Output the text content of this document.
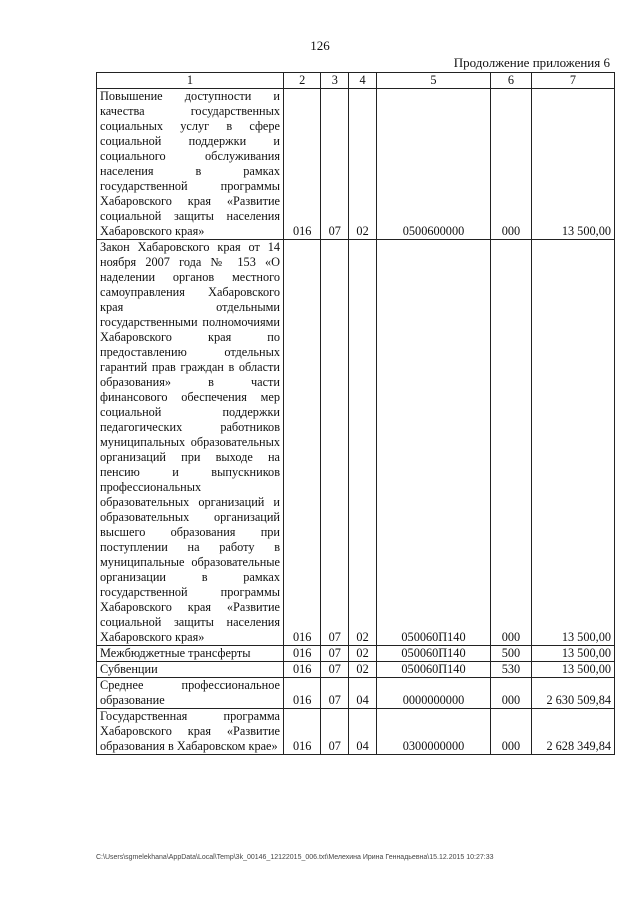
126
Продолжение приложения 6
1	2	3	4	5	6	7
Повышение доступности и качества государственных социальных услуг в сфере социальной поддержки и социального обслуживания населения в рамках государственной программы Хабаровского края «Развитие социальной защиты населения Хабаровского края»	016	07	02	0500600000	000	13 500,00
Закон Хабаровского края от 14 ноября 2007 года № 153 «О наделении органов местного самоуправления Хабаровского края отдельными государственными полномочиями Хабаровского края по предоставлению отдельных гарантий прав граждан в области образования» в части финансового обеспечения мер социальной поддержки педагогических работников муниципальных образовательных организаций при выходе на пенсию и выпускников профессиональных образовательных организаций и образовательных организаций высшего образования при поступлении на работу в муниципальные образовательные организации в рамках государственной программы Хабаровского края «Развитие социальной защиты населения Хабаровского края»	016	07	02	050060П140	000	13 500,00
Межбюджетные трансферты	016	07	02	050060П140	500	13 500,00
Субвенции	016	07	02	050060П140	530	13 500,00
Среднее профессиональное образование	016	07	04	0000000000	000	2 630 509,84
Государственная программа Хабаровского края «Развитие образования в Хабаровском крае»	016	07	04	0300000000	000	2 628 349,84
C:\Users\sgmelekhana\AppData\Local\Temp\3k_00146_12122015_006.txt\Мелехина Ирина Геннадьевна\15.12.2015 10:27:33
